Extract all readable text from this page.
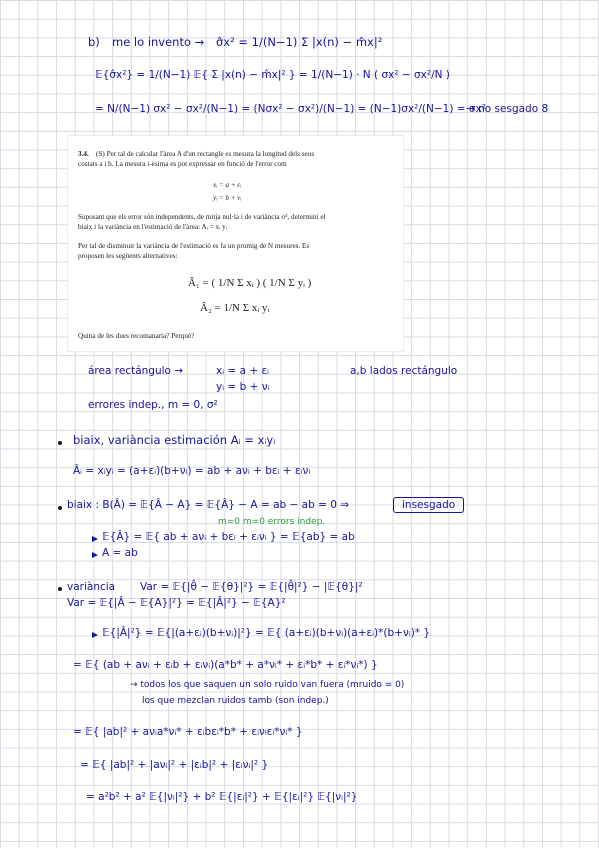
b) me lo invento → σ̂x² = 1/(N−1) Σ |x(n) − m̂x|²
𝔼{σ̂x²} = 1/(N−1) 𝔼{ Σ |x(n) − m̂x|² } = 1/(N−1) · N ( σx² − σx²/N )
= N/(N−1) σx² − σx²/(N−1) = (Nσx² − σx²)/(N−1) = (N−1)σx²/(N−1) = σx²
→ no sesgado 8
3.4. (S) Per tal de calcular l'àrea A d'un rectangle es mesura la longitud dels seus
costats a i b. La mesura i-èsima es pot expressar en funció de l'error com
xᵢ = a + εᵢ
yᵢ = b + νᵢ
Suposant que els error són independents, de mitja nul·la i de variància σ², determini el
biaix i la variància en l'estimació de l'àrea: Aᵢ = xᵢ yᵢ
Per tal de disminuir la variància de l'estimació es fa un promig de N mesures. Es
proposen les següents alternatives:
Â₁ = ( 1/N Σ xᵢ ) ( 1/N Σ yᵢ )
Â₂ = 1/N Σ xᵢ yᵢ
Quina de les dues recomanaria? Perquè?
área rectángulo →	xᵢ = a + εᵢ
yᵢ = b + νᵢ
a,b lados rectángulo
errores indep., m = 0, σ²
biaix, variància estimación Aᵢ = xᵢyᵢ
Âᵢ = xᵢyᵢ = (a+εᵢ)(b+νᵢ) = ab + aνᵢ + bεᵢ + εᵢνᵢ
biaix : B(Â) = 𝔼{Â − A} = 𝔼{Â} − A = ab − ab = 0 ⇒	insesgado
m=0 m=0 errors indep.
𝔼{Â} = 𝔼{ ab + aνᵢ + bεᵢ + εᵢνᵢ } = 𝔼{ab} = ab
A = ab
variància Var = 𝔼{|θ̂ − 𝔼{θ}|²} = 𝔼{|θ̂|²} − |𝔼{θ}|²
Var = 𝔼{|Â − 𝔼{A}|²} = 𝔼{|Â|²} − 𝔼{A}²
𝔼{|Â|²} = 𝔼{|(a+εᵢ)(b+νᵢ)|²} = 𝔼{ (a+εᵢ)(b+νᵢ)(a+εᵢ)*(b+νᵢ)* }
= 𝔼{ (ab + aνᵢ + εᵢb + εᵢνᵢ)(a*b* + a*νᵢ* + εᵢ*b* + εᵢ*νᵢ*) }
→ todos los que saquen un solo ruido van fuera (mruido = 0)
los que mezclan ruidos tamb (son indep.)
= 𝔼{ |ab|² + aνᵢa*νᵢ* + εᵢbεᵢ*b* + εᵢνᵢεᵢ*νᵢ* }
= 𝔼{ |ab|² + |aνᵢ|² + |εᵢb|² + |εᵢνᵢ|² }
= a²b² + a² 𝔼{|νᵢ|²} + b² 𝔼{|εᵢ|²} + 𝔼{|εᵢ|²} 𝔼{|νᵢ|²}
